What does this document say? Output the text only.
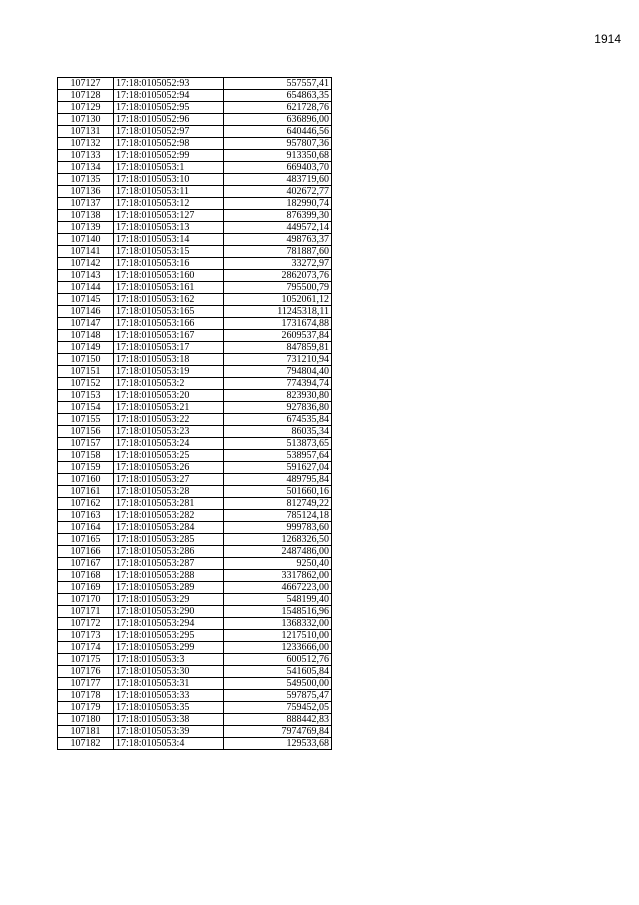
1914
107127	17:18:0105052:93	557557,41
107128	17:18:0105052:94	654863,35
107129	17:18:0105052:95	621728,76
107130	17:18:0105052:96	636896,00
107131	17:18:0105052:97	640446,56
107132	17:18:0105052:98	957807,36
107133	17:18:0105052:99	913350,68
107134	17:18:0105053:1	669403,70
107135	17:18:0105053:10	483719,60
107136	17:18:0105053:11	402672,77
107137	17:18:0105053:12	182990,74
107138	17:18:0105053:127	876399,30
107139	17:18:0105053:13	449572,14
107140	17:18:0105053:14	498763,37
107141	17:18:0105053:15	781887,60
107142	17:18:0105053:16	33272,97
107143	17:18:0105053:160	2862073,76
107144	17:18:0105053:161	795500,79
107145	17:18:0105053:162	1052061,12
107146	17:18:0105053:165	11245318,11
107147	17:18:0105053:166	1731674,88
107148	17:18:0105053:167	2609537,84
107149	17:18:0105053:17	847859,81
107150	17:18:0105053:18	731210,94
107151	17:18:0105053:19	794804,40
107152	17:18:0105053:2	774394,74
107153	17:18:0105053:20	823930,80
107154	17:18:0105053:21	927836,80
107155	17:18:0105053:22	674535,84
107156	17:18:0105053:23	86035,34
107157	17:18:0105053:24	513873,65
107158	17:18:0105053:25	538957,64
107159	17:18:0105053:26	591627,04
107160	17:18:0105053:27	489795,84
107161	17:18:0105053:28	501660,16
107162	17:18:0105053:281	812749,22
107163	17:18:0105053:282	785124,18
107164	17:18:0105053:284	999783,60
107165	17:18:0105053:285	1268326,50
107166	17:18:0105053:286	2487486,00
107167	17:18:0105053:287	9250,40
107168	17:18:0105053:288	3317862,00
107169	17:18:0105053:289	4667223,00
107170	17:18:0105053:29	548199,40
107171	17:18:0105053:290	1548516,96
107172	17:18:0105053:294	1368332,00
107173	17:18:0105053:295	1217510,00
107174	17:18:0105053:299	1233666,00
107175	17:18:0105053:3	600512,76
107176	17:18:0105053:30	541605,84
107177	17:18:0105053:31	549500,00
107178	17:18:0105053:33	597875,47
107179	17:18:0105053:35	759452,05
107180	17:18:0105053:38	888442,83
107181	17:18:0105053:39	7974769,84
107182	17:18:0105053:4	129533,68
